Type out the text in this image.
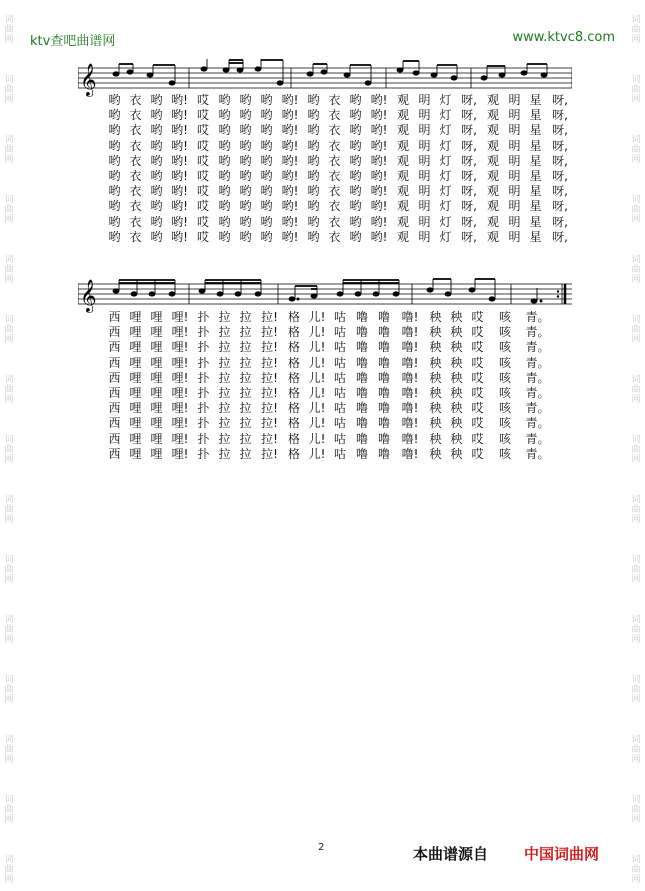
词
曲
网
词
曲
网
词
曲
网
词
曲
网
词
曲
网
词
曲
网
词
曲
网
词
曲
网
词
曲
网
词
曲
网
词
曲
网
词
曲
网
词
曲
网
词
曲
网
词
曲
网
词
曲
网
词
曲
网
词
曲
网
词
曲
网
词
曲
网
词
曲
网
词
曲
网
词
曲
网
词
曲
网
词
曲
网
词
曲
网
词
曲
网
词
曲
网
词
曲
网
词
曲
网
ktv查吧曲谱网	www.ktvc8.com
𝄞
哟 衣 哟 哟! 哎 哟 哟 哟 哟! 哟 衣 哟 哟! 观 明 灯 呀, 观 明 星 呀,
哟 衣 哟 哟! 哎 哟 哟 哟 哟! 哟 衣 哟 哟! 观 明 灯 呀, 观 明 星 呀,
哟 衣 哟 哟! 哎 哟 哟 哟 哟! 哟 衣 哟 哟! 观 明 灯 呀, 观 明 星 呀,
哟 衣 哟 哟! 哎 哟 哟 哟 哟! 哟 衣 哟 哟! 观 明 灯 呀, 观 明 星 呀,
哟 衣 哟 哟! 哎 哟 哟 哟 哟! 哟 衣 哟 哟! 观 明 灯 呀, 观 明 星 呀,
哟 衣 哟 哟! 哎 哟 哟 哟 哟! 哟 衣 哟 哟! 观 明 灯 呀, 观 明 星 呀,
哟 衣 哟 哟! 哎 哟 哟 哟 哟! 哟 衣 哟 哟! 观 明 灯 呀, 观 明 星 呀,
哟 衣 哟 哟! 哎 哟 哟 哟 哟! 哟 衣 哟 哟! 观 明 灯 呀, 观 明 星 呀,
哟 衣 哟 哟! 哎 哟 哟 哟 哟! 哟 衣 哟 哟! 观 明 灯 呀, 观 明 星 呀,
哟 衣 哟 哟! 哎 哟 哟 哟 哟! 哟 衣 哟 哟! 观 明 灯 呀, 观 明 星 呀,
𝄞
西 哩 哩 哩! 扑 拉 拉 拉! 格 儿! 咕 噜 噜 噜! 秧 秧 哎	咳	青。
西 哩 哩 哩! 扑 拉 拉 拉! 格 儿! 咕 噜 噜 噜! 秧 秧 哎	咳	青。
西 哩 哩 哩! 扑 拉 拉 拉! 格 儿! 咕 噜 噜 噜! 秧 秧 哎	咳	青。
西 哩 哩 哩! 扑 拉 拉 拉! 格 儿! 咕 噜 噜 噜! 秧 秧 哎	咳	青。
西 哩 哩 哩! 扑 拉 拉 拉! 格 儿! 咕 噜 噜 噜! 秧 秧 哎	咳	青。
西 哩 哩 哩! 扑 拉 拉 拉! 格 儿! 咕 噜 噜 噜! 秧 秧 哎	咳	青。
西 哩 哩 哩! 扑 拉 拉 拉! 格 儿! 咕 噜 噜 噜! 秧 秧 哎	咳	青。
西 哩 哩 哩! 扑 拉 拉 拉! 格 儿! 咕 噜 噜 噜! 秧 秧 哎	咳	青。
西 哩 哩 哩! 扑 拉 拉 拉! 格 儿! 咕 噜 噜 噜! 秧 秧 哎	咳	青。
西 哩 哩 哩! 扑 拉 拉 拉! 格 儿! 咕 噜 噜 噜! 秧 秧 哎	咳	青。
2	本曲谱源自 中国词曲网
